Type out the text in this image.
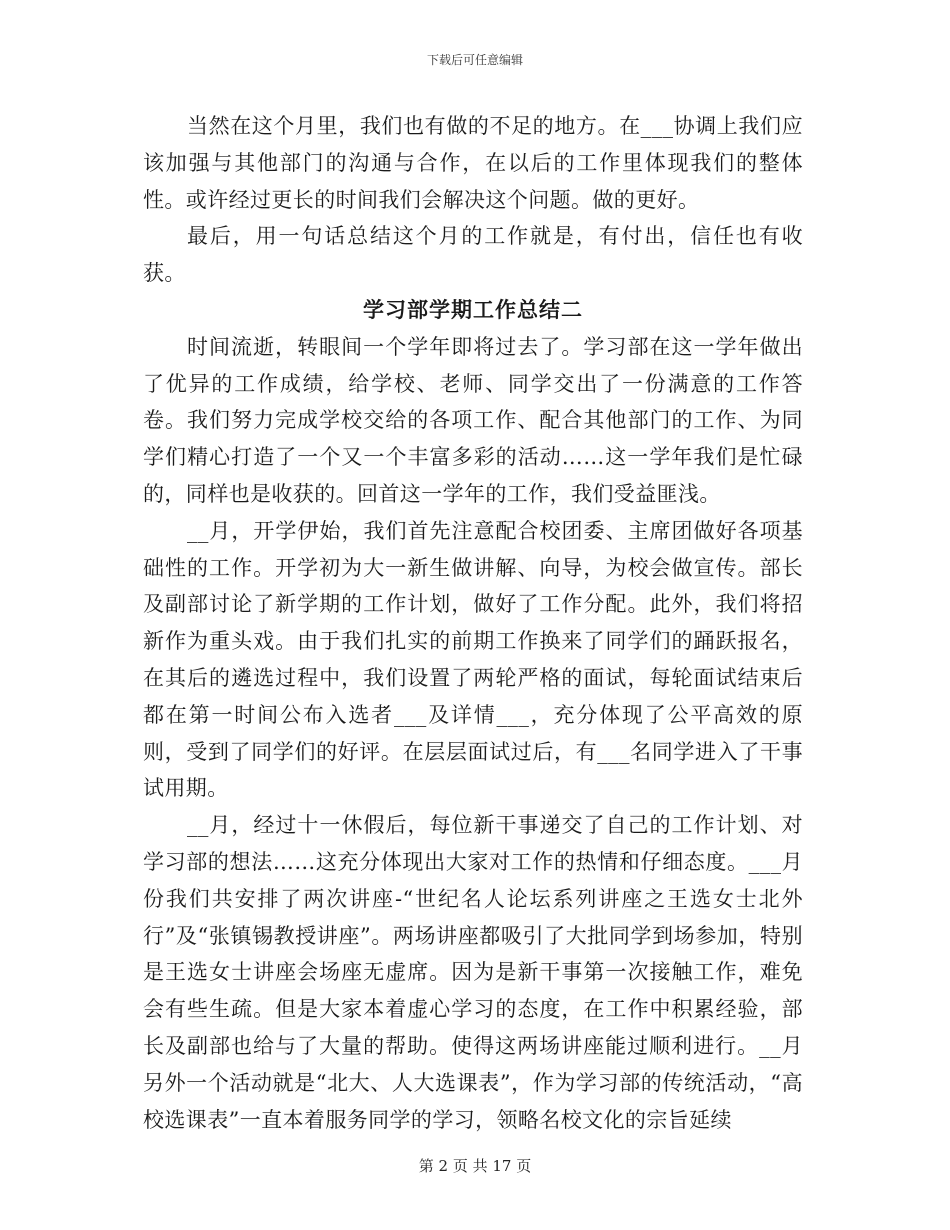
下载后可任意编辑

当然在这个月里，我们也有做的不足的地方。在___协调上我们应该加强与其他部门的沟通与合作，在以后的工作里体现我们的整体性。或许经过更长的时间我们会解决这个问题。做的更好。

最后，用一句话总结这个月的工作就是，有付出，信任也有收获。

学习部学期工作总结二

时间流逝，转眼间一个学年即将过去了。学习部在这一学年做出了优异的工作成绩，给学校、老师、同学交出了一份满意的工作答卷。我们努力完成学校交给的各项工作、配合其他部门的工作、为同学们精心打造了一个又一个丰富多彩的活动……这一学年我们是忙碌的，同样也是收获的。回首这一学年的工作，我们受益匪浅。

__月，开学伊始，我们首先注意配合校团委、主席团做好各项基础性的工作。开学初为大一新生做讲解、向导，为校会做宣传。部长及副部讨论了新学期的工作计划，做好了工作分配。此外，我们将招新作为重头戏。由于我们扎实的前期工作换来了同学们的踊跃报名，在其后的遴选过程中，我们设置了两轮严格的面试，每轮面试结束后都在第一时间公布入选者___及详情___，充分体现了公平高效的原则，受到了同学们的好评。在层层面试过后，有___名同学进入了干事试用期。

__月，经过十一休假后，每位新干事递交了自己的工作计划、对学习部的想法……这充分体现出大家对工作的热情和仔细态度。___月份我们共安排了两次讲座-“世纪名人论坛系列讲座之王选女士北外行”及“张镇锡教授讲座”。两场讲座都吸引了大批同学到场参加，特别是王选女士讲座会场座无虚席。因为是新干事第一次接触工作，难免会有些生疏。但是大家本着虚心学习的态度，在工作中积累经验，部长及副部也给与了大量的帮助。使得这两场讲座能过顺利进行。__月另外一个活动就是“北大、人大选课表”，作为学习部的传统活动，“高校选课表”一直本着服务同学的学习，领略名校文化的宗旨延续

第 2 页 共 17 页
